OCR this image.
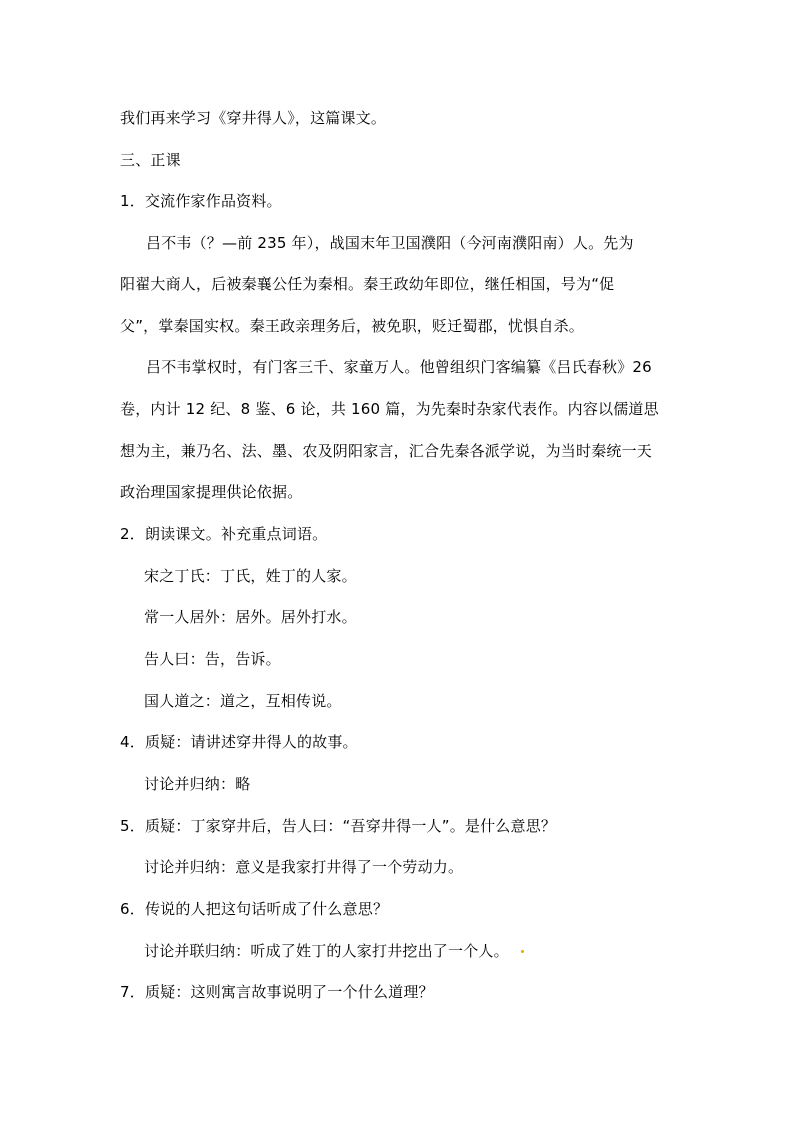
我们再来学习《穿井得人》，这篇课文。
三、正课
1．交流作家作品资料。
吕不韦（？—前 235 年），战国末年卫国濮阳（今河南濮阳南）人。先为
阳翟大商人，后被秦襄公任为秦相。秦王政幼年即位，继任相国，号为“促
父”，掌秦国实权。秦王政亲理务后，被免职，贬迁蜀郡，忧惧自杀。
吕不韦掌权时，有门客三千、家童万人。他曾组织门客编纂《吕氏春秋》26
卷，内计 12 纪、8 鉴、6 论，共 160 篇，为先秦时杂家代表作。内容以儒道思
想为主，兼乃名、法、墨、农及阴阳家言，汇合先秦各派学说，为当时秦统一天
政治理国家提理供论依据。
2．朗读课文。补充重点词语。
宋之丁氏：丁氏，姓丁的人家。
常一人居外：居外。居外打水。
告人曰：告，告诉。
国人道之：道之，互相传说。
4．质疑：请讲述穿井得人的故事。
讨论并归纳：略
5．质疑：丁家穿井后，告人曰：“吾穿井得一人”。是什么意思？
讨论并归纳：意义是我家打井得了一个劳动力。
6．传说的人把这句话听成了什么意思？
讨论并联归纳：听成了姓丁的人家打井挖出了一个人。
7．质疑：这则寓言故事说明了一个什么道理？
